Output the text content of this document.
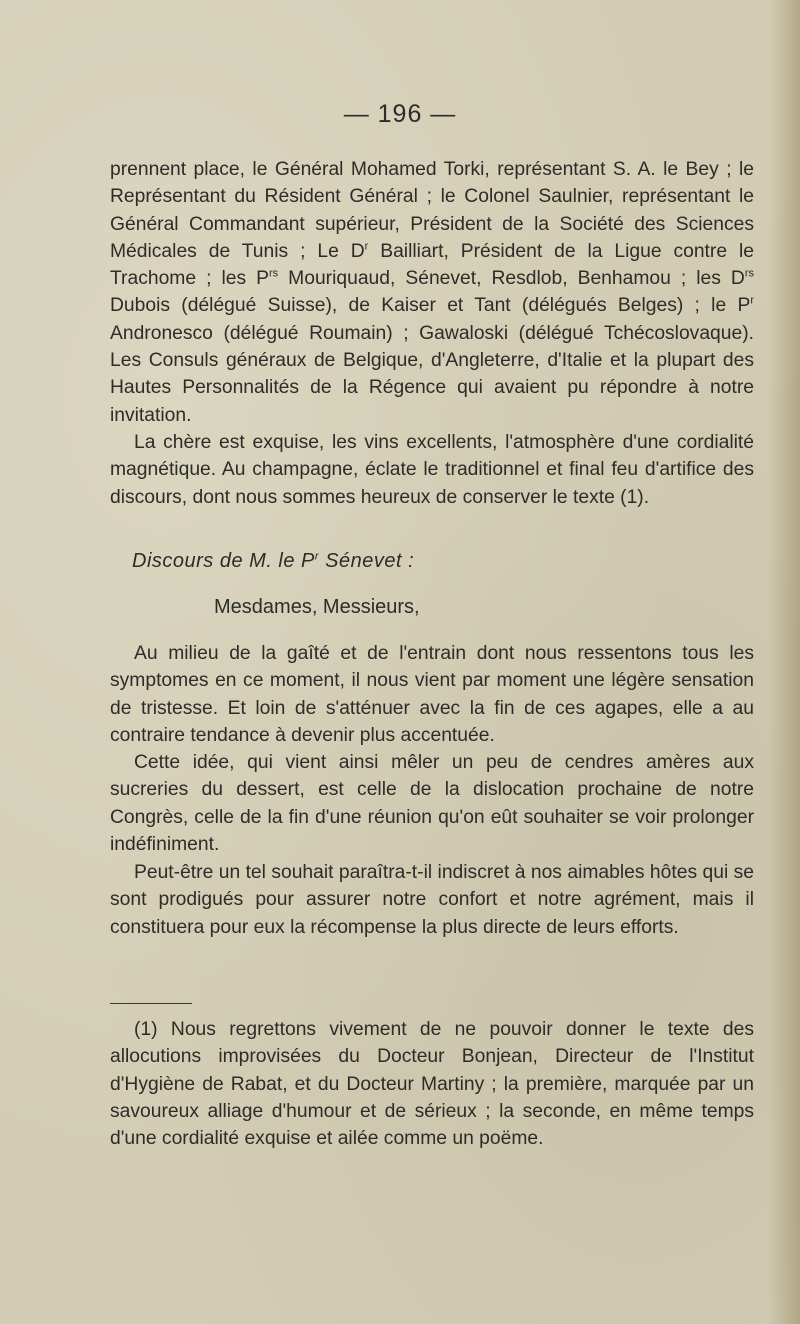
— 196 —

prennent place, le Général Mohamed Torki, représentant S. A. le Bey ; le Représentant du Résident Général ; le Colonel Saulnier, représentant le Général Commandant supérieur, Président de la Société des Sciences Médicales de Tunis ; Le $D^r$ Bailliart, Président de la Ligue contre le Trachome ; les $P^{rs}$ Mouriquaud, Sénevet, Resdlob, Benhamou ; les $D^{rs}$ Dubois (délégué Suisse), de Kaiser et Tant (délégués Belges) ; le $P^r$ Andronesco (délégué Roumain) ; Gawaloski (délégué Tchécoslovaque). Les Consuls généraux de Belgique, d'Angleterre, d'Italie et la plupart des Hautes Personnalités de la Régence qui avaient pu répondre à notre invitation.

La chère est exquise, les vins excellents, l'atmosphère d'une cordialité magnétique. Au champagne, éclate le traditionnel et final feu d'artifice des discours, dont nous sommes heureux de conserver le texte (1).

Discours de M. le $P^r$ Sénevet :
Mesdames, Messieurs,

Au milieu de la gaîté et de l'entrain dont nous ressentons tous les symptomes en ce moment, il nous vient par moment une légère sensation de tristesse. Et loin de s'atténuer avec la fin de ces agapes, elle a au contraire tendance à devenir plus accentuée.

Cette idée, qui vient ainsi mêler un peu de cendres amères aux sucreries du dessert, est celle de la dislocation prochaine de notre Congrès, celle de la fin d'une réunion qu'on eût souhaiter se voir prolonger indéfiniment.

Peut-être un tel souhait paraîtra-t-il indiscret à nos aimables hôtes qui se sont prodigués pour assurer notre confort et notre agrément, mais il constituera pour eux la récompense la plus directe de leurs efforts.

(1) Nous regrettons vivement de ne pouvoir donner le texte des allocutions improvisées du Docteur Bonjean, Directeur de l'Institut d'Hygiène de Rabat, et du Docteur Martiny ; la première, marquée par un savoureux alliage d'humour et de sérieux ; la seconde, en même temps d'une cordialité exquise et ailée comme un poëme.
